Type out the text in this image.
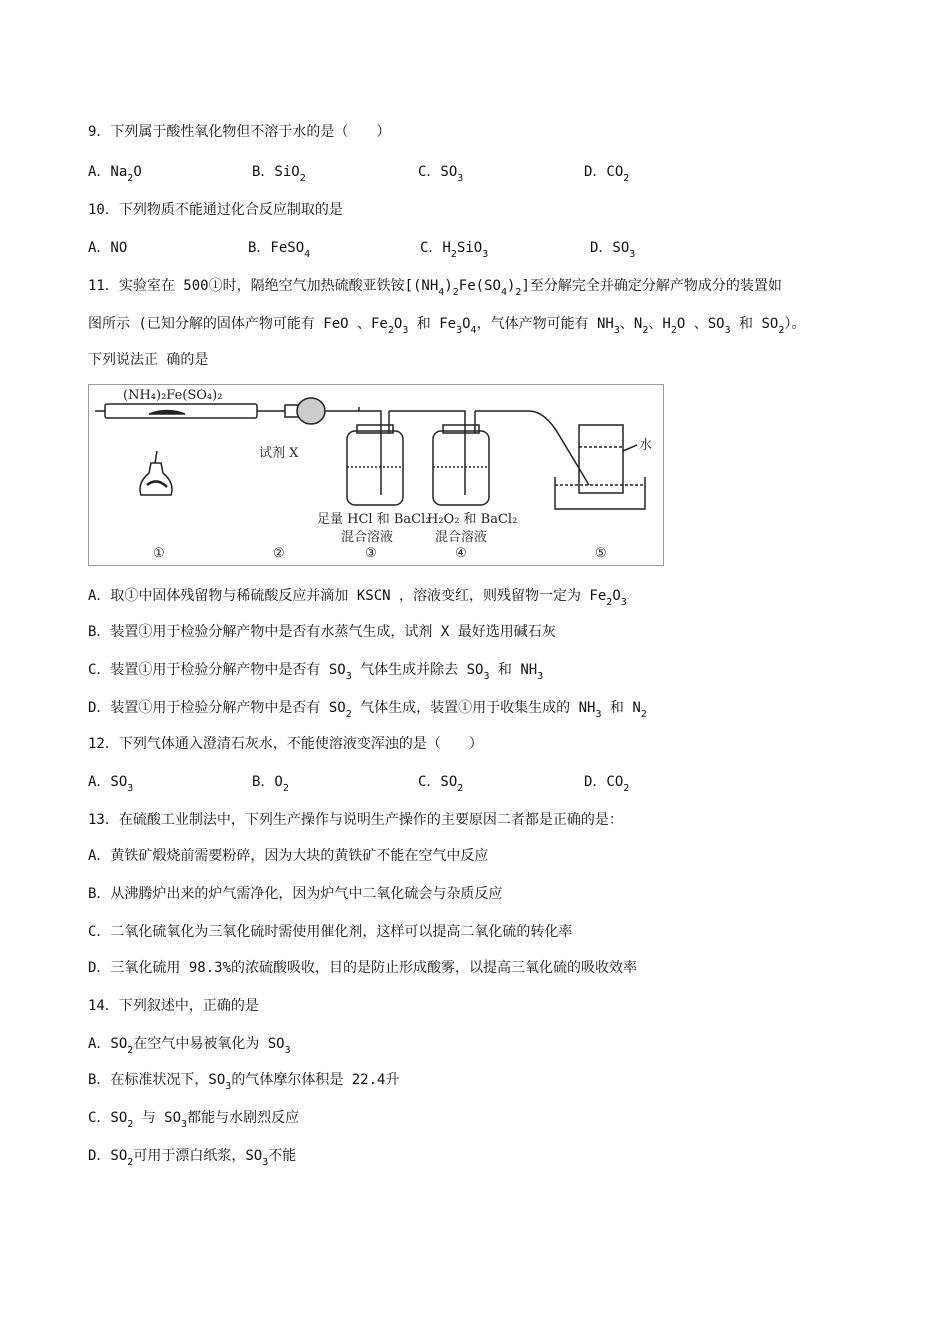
9．下列属于酸性氧化物但不溶于水的是（　　）
A．$Na_2O$	B．SiO$_2$	C．$SO_3$	D．$CO_2$
10．下列物质不能通过化合反应制取的是
A．NO	B．FeSO$_4$	C．$H_2SiO_3$	D．$SO_3$
11．实验室在 500①时，隔绝空气加热硫酸亚铁铵$[(NH_4)_2Fe(SO_4)_2]$至分解完全并确定分解产物成分的装置如
图所示 (已知分解的固体产物可能有 FeO 、$Fe_2O_3$ 和 $Fe_3O_4$，气体产物可能有 $NH_3$、$N_2$、$H_2O$ 、$SO_3$ 和 $SO_2$）。
下列说法正 确的是
(NH₄)₂Fe(SO₄)₂
试剂 X
足量 HCl 和 BaCl₂
混合溶液
H₂O₂ 和 BaCl₂
混合溶液
水
①	②	③	④	⑤
A．取①中固体残留物与稀硫酸反应并滴加 KSCN ，溶液变红，则残留物一定为 $Fe_2O_3$
B．装置①用于检验分解产物中是否有水蒸气生成，试剂 X 最好选用碱石灰
C．装置①用于检验分解产物中是否有 $SO_3$ 气体生成并除去 $SO_3$ 和 $NH_3$
D．装置①用于检验分解产物中是否有 $SO_2$ 气体生成，装置①用于收集生成的 $NH_3$ 和 $N_2$
12．下列气体通入澄清石灰水，不能使溶液变浑浊的是（　　）
A．$SO_3$	B．$O_2$	C．$SO_2$	D．$CO_2$
13．在硫酸工业制法中，下列生产操作与说明生产操作的主要原因二者都是正确的是：
A．黄铁矿煅烧前需要粉碎，因为大块的黄铁矿不能在空气中反应
B．从沸腾炉出来的炉气需净化，因为炉气中二氧化硫会与杂质反应
C．二氧化硫氧化为三氧化硫时需使用催化剂，这样可以提高二氧化硫的转化率
D．三氧化硫用 98.3%的浓硫酸吸收，目的是防止形成酸雾，以提高三氧化硫的吸收效率
14．下列叙述中，正确的是
A．$SO_2$在空气中易被氧化为 $SO_3$
B．在标准状况下，$SO_3$的气体摩尔体积是 22.4升
C．$SO_2$ 与 $SO_3$都能与水剧烈反应
D．$SO_2$可用于漂白纸浆，$SO_3$不能
